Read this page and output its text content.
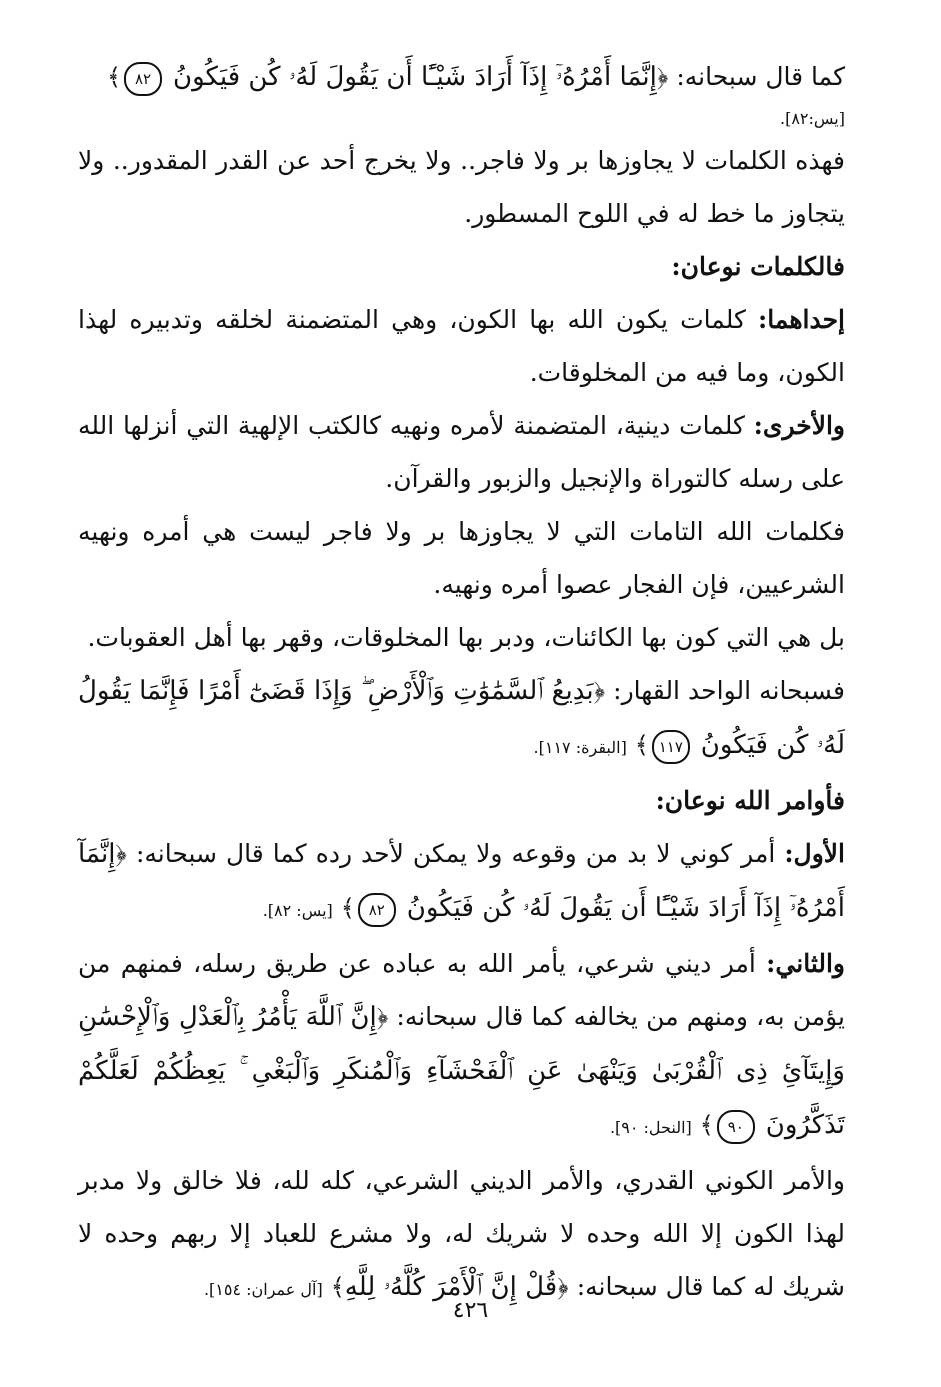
كما قال سبحانه: ﴿إِنَّمَا أَمْرُهُۥٓ إِذَآ أَرَادَ شَيْـًٔا أَن يَقُولَ لَهُۥ كُن فَيَكُونُ ٨٢﴾

[يس:٨٢].

فهذه الكلمات لا يجاوزها بر ولا فاجر.. ولا يخرج أحد عن القدر المقدور.. ولا يتجاوز ما خط له في اللوح المسطور.

فالكلمات نوعان:

إحداهما: كلمات يكون الله بها الكون، وهي المتضمنة لخلقه وتدبيره لهذا الكون، وما فيه من المخلوقات.

والأخرى: كلمات دينية، المتضمنة لأمره ونهيه كالكتب الإلهية التي أنزلها الله على رسله كالتوراة والإنجيل والزبور والقرآن.

فكلمات الله التامات التي لا يجاوزها بر ولا فاجر ليست هي أمره ونهيه الشرعيين، فإن الفجار عصوا أمره ونهيه.

بل هي التي كون بها الكائنات، ودبر بها المخلوقات، وقهر بها أهل العقوبات.

فسبحانه الواحد القهار: ﴿بَدِيعُ ٱلسَّمَٰوَٰتِ وَٱلْأَرْضِ ۖ وَإِذَا قَضَىٰٓ أَمْرًا فَإِنَّمَا يَقُولُ لَهُۥ كُن فَيَكُونُ ١١٧﴾ [البقرة: ١١٧].

فأوامر الله نوعان:

الأول: أمر كوني لا بد من وقوعه ولا يمكن لأحد رده كما قال سبحانه: ﴿إِنَّمَآ أَمْرُهُۥٓ إِذَآ أَرَادَ شَيْـًٔا أَن يَقُولَ لَهُۥ كُن فَيَكُونُ ٨٢﴾ [يس: ٨٢].

والثاني: أمر ديني شرعي، يأمر الله به عباده عن طريق رسله، فمنهم من يؤمن به، ومنهم من يخالفه كما قال سبحانه: ﴿إِنَّ ٱللَّهَ يَأْمُرُ بِٱلْعَدْلِ وَٱلْإِحْسَٰنِ وَإِيتَآئِ ذِى ٱلْقُرْبَىٰ وَيَنْهَىٰ عَنِ ٱلْفَحْشَآءِ وَٱلْمُنكَرِ وَٱلْبَغْىِ ۚ يَعِظُكُمْ لَعَلَّكُمْ تَذَكَّرُونَ ٩٠﴾ [النحل: ٩٠].

والأمر الكوني القدري، والأمر الديني الشرعي، كله لله، فلا خالق ولا مدبر لهذا الكون إلا الله وحده لا شريك له، ولا مشرع للعباد إلا ربهم وحده لا شريك له كما قال سبحانه: ﴿قُلْ إِنَّ ٱلْأَمْرَ كُلَّهُۥ لِلَّهِ﴾ [آل عمران: ١٥٤].

٤٢٦
